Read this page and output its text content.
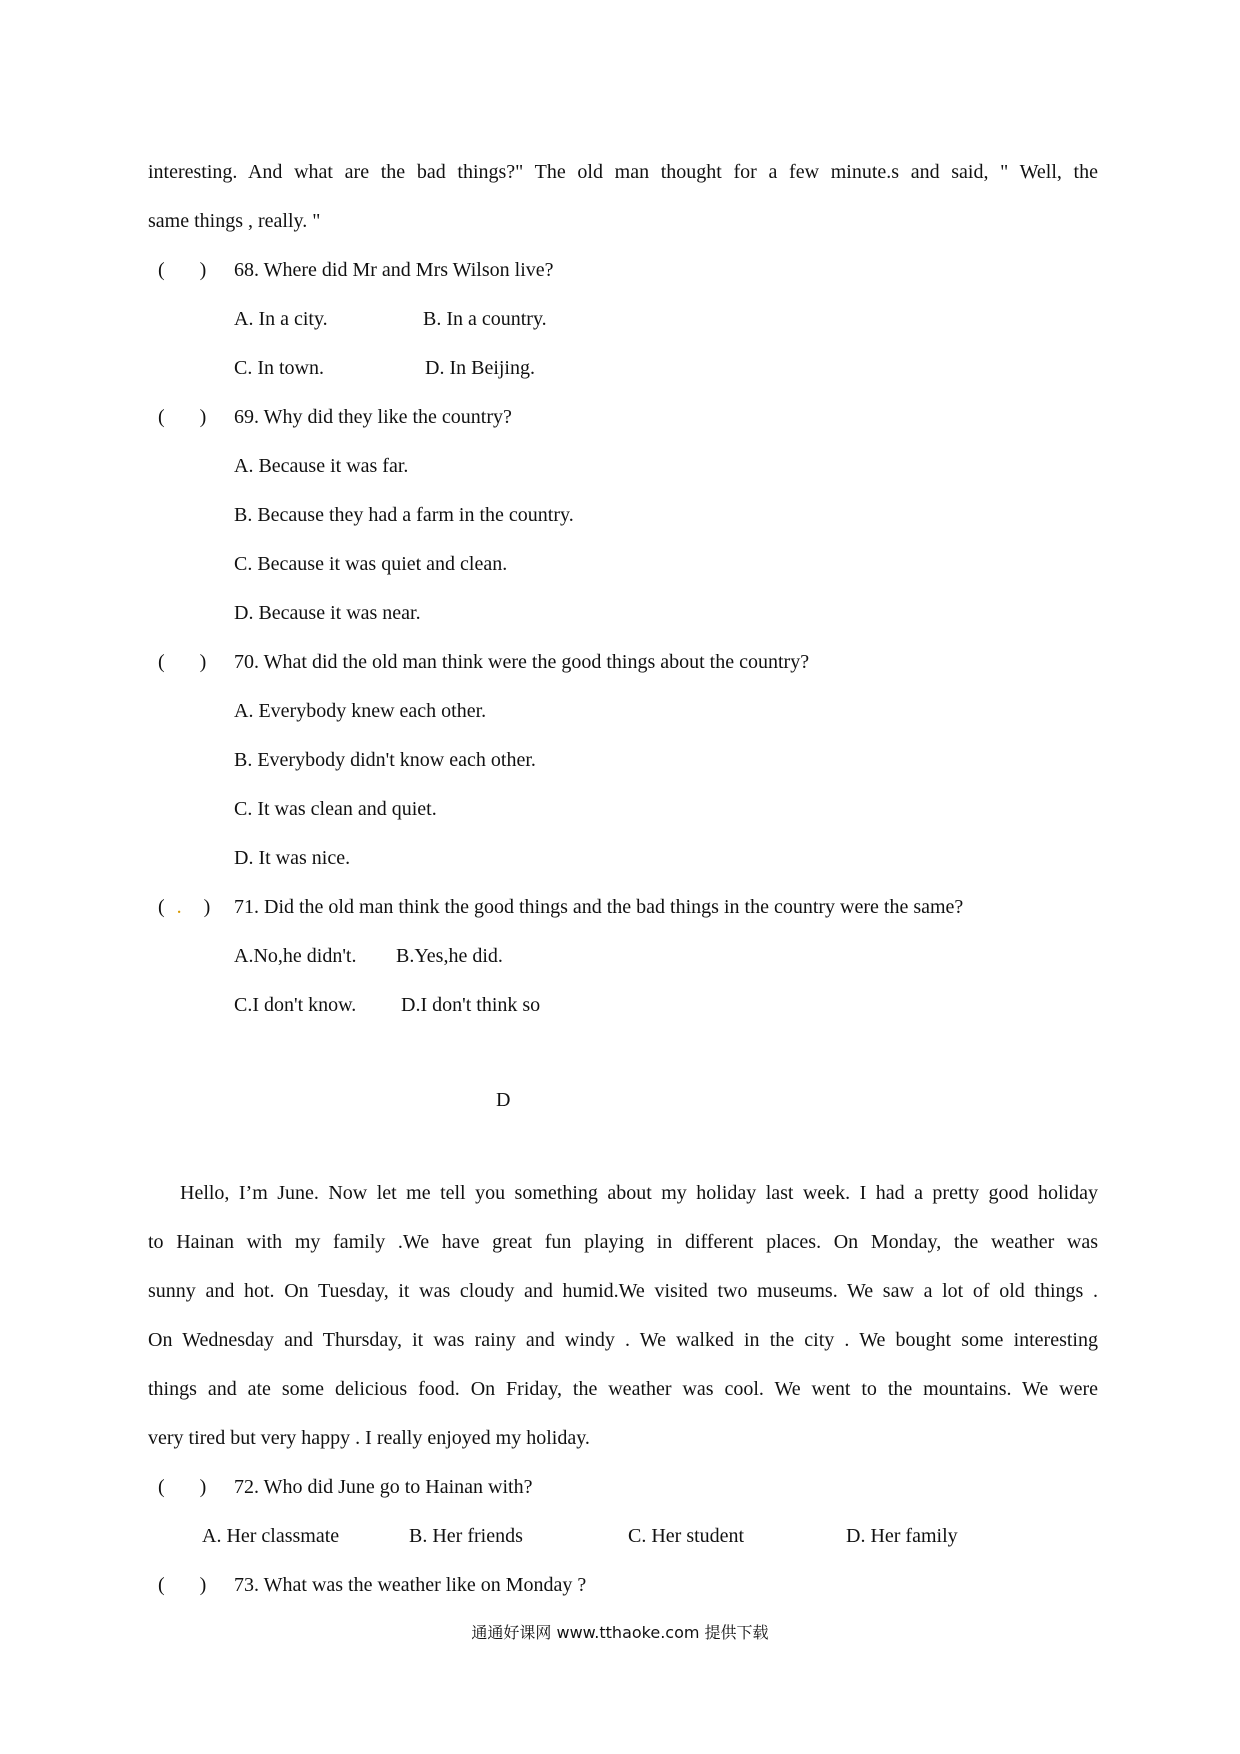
interesting. And what are the bad things?" The old man thought for a few minute.s and said, " Well, the
same things , really. "
(       ) 68. Where did Mr and Mrs Wilson live?
A. In a city.	B. In a country.
C. In town.	D. In Beijing.
(       ) 69. Why did they like the country?
A. Because it was far.
B. Because they had a farm in the country.
C. Because it was quiet and clean.
D. Because it was near.
(       ) 70. What did the old man think were the good things about the country?
A. Everybody knew each other.
B. Everybody didn't know each other.
C. It was clean and quiet.
D. It was nice.
( . ) 71. Did the old man think the good things and the bad things in the country were the same?
A.No,he didn't. B.Yes,he did.
C.I don't know. D.I don't think so
D
Hello, I’m June. Now let me tell you something about my holiday last week. I had a pretty good holiday
to Hainan with my family .We have great fun playing in different places. On Monday, the weather was
sunny and hot. On Tuesday, it was cloudy and humid.We visited two museums. We saw a lot of old things .
On Wednesday and Thursday, it was rainy and windy . We walked in the city . We bought some interesting
things and ate some delicious food. On Friday, the weather was cool. We went to the mountains. We were
very tired but very happy . I really enjoyed my holiday.
(       ) 72. Who did June go to Hainan with?
A. Her classmate	B. Her friends	C. Her student	D. Her family
(       ) 73. What was the weather like on Monday ?
通通好课网 www.tthaoke.com 提供下载
